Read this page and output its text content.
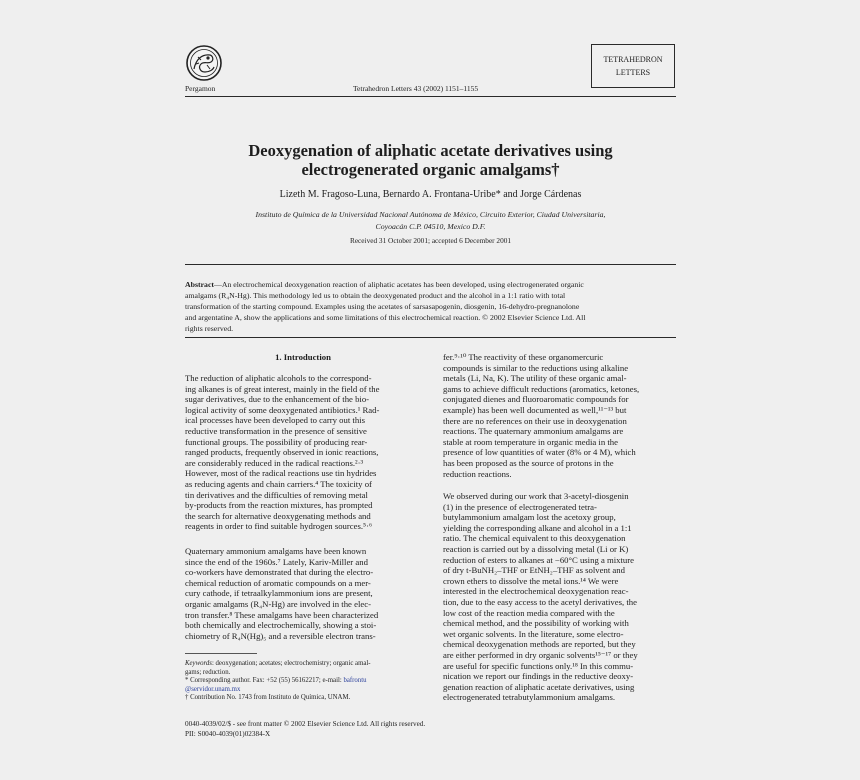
Pergamon	Tetrahedron Letters 43 (2002) 1151–1155
TETRAHEDRON
LETTERS
Deoxygenation of aliphatic acetate derivatives using
electrogenerated organic amalgams†
Lizeth M. Fragoso-Luna, Bernardo A. Frontana-Uribe* and Jorge Cárdenas
Instituto de Química de la Universidad Nacional Autónoma de México, Circuito Exterior, Ciudad Universitaria,
Coyoacán C.P. 04510, Mexico D.F.
Received 31 October 2001; accepted 6 December 2001
Abstract—An electrochemical deoxygenation reaction of aliphatic acetates has been developed, using electrogenerated organic
amalgams (R₄N-Hg). This methodology led us to obtain the deoxygenated product and the alcohol in a 1:1 ratio with total
transformation of the starting compound. Examples using the acetates of sarsasapogenin, diosgenin, 16-dehydro-pregnanolone
and argentatine A, show the applications and some limitations of this electrochemical reaction. © 2002 Elsevier Science Ltd. All
rights reserved.
1. Introduction
The reduction of aliphatic alcohols to the correspond-
ing alkanes is of great interest, mainly in the field of the
sugar derivatives, due to the enhancement of the bio-
logical activity of some deoxygenated antibiotics.¹ Rad-
ical processes have been developed to carry out this
reductive transformation in the presence of sensitive
functional groups. The possibility of producing rear-
ranged products, frequently observed in ionic reactions,
are considerably reduced in the radical reactions.²·³
However, most of the radical reactions use tin hydrides
as reducing agents and chain carriers.⁴ The toxicity of
tin derivatives and the difficulties of removing metal
by-products from the reaction mixtures, has prompted
the search for alternative deoxygenating methods and
reagents in order to find suitable hydrogen sources.⁵·⁶
Quaternary ammonium amalgams have been known
since the end of the 1960s.⁷ Lately, Kariv-Miller and
co-workers have demonstrated that during the electro-
chemical reduction of aromatic compounds on a mer-
cury cathode, if tetraalkylammonium ions are present,
organic amalgams (R₄N-Hg) are involved in the elec-
tron transfer.⁸ These amalgams have been characterized
both chemically and electrochemically, showing a stoi-
chiometry of R₄N(Hg)₅ and a reversible electron trans-
Keywords: deoxygenation; acetates; electrochemistry; organic amal-
gams; reduction.
* Corresponding author. Fax: +52 (55) 56162217; e-mail: bafrontu
@servidor.unam.mx
† Contribution No. 1743 from Instituto de Química, UNAM.
fer.⁹·¹⁰ The reactivity of these organomercuric
compounds is similar to the reductions using alkaline
metals (Li, Na, K). The utility of these organic amal-
gams to achieve difficult reductions (aromatics, ketones,
conjugated dienes and fluoroaromatic compounds for
example) has been well documented as well,¹¹⁻¹³ but
there are no references on their use in deoxygenation
reactions. The quaternary ammonium amalgams are
stable at room temperature in organic media in the
presence of low quantities of water (8% or 4 M), which
has been proposed as the source of protons in the
reduction reactions.
We observed during our work that 3-acetyl-diosgenin
(1) in the presence of electrogenerated tetra-
butylammonium amalgam lost the acetoxy group,
yielding the corresponding alkane and alcohol in a 1:1
ratio. The chemical equivalent to this deoxygenation
reaction is carried out by a dissolving metal (Li or K)
reduction of esters to alkanes at −60°C using a mixture
of dry t-BuNH₂–THF or EtNH₂–THF as solvent and
crown ethers to dissolve the metal ions.¹⁴ We were
interested in the electrochemical deoxygenation reac-
tion, due to the easy access to the acetyl derivatives, the
low cost of the reaction media compared with the
chemical method, and the possibility of working with
wet organic solvents. In the literature, some electro-
chemical deoxygenation methods are reported, but they
are either performed in dry organic solvents¹⁵⁻¹⁷ or they
are useful for specific functions only.¹⁸ In this commu-
nication we report our findings in the reductive deoxy-
genation reaction of aliphatic acetate derivatives, using
electrogenerated tetrabutylammonium amalgams.
0040-4039/02/$ - see front matter © 2002 Elsevier Science Ltd. All rights reserved.
PII: S0040-4039(01)02384-X
